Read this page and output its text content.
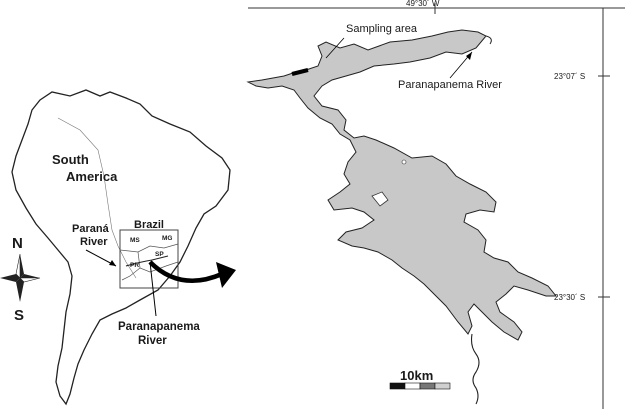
South
America
Brazil
Paraná
River	MS	MG
SP
PR
Paranapanema
River
N
S
49°30´ W
23°07´ S
23°30´ S
Sampling area
Paranapanema River
10km
